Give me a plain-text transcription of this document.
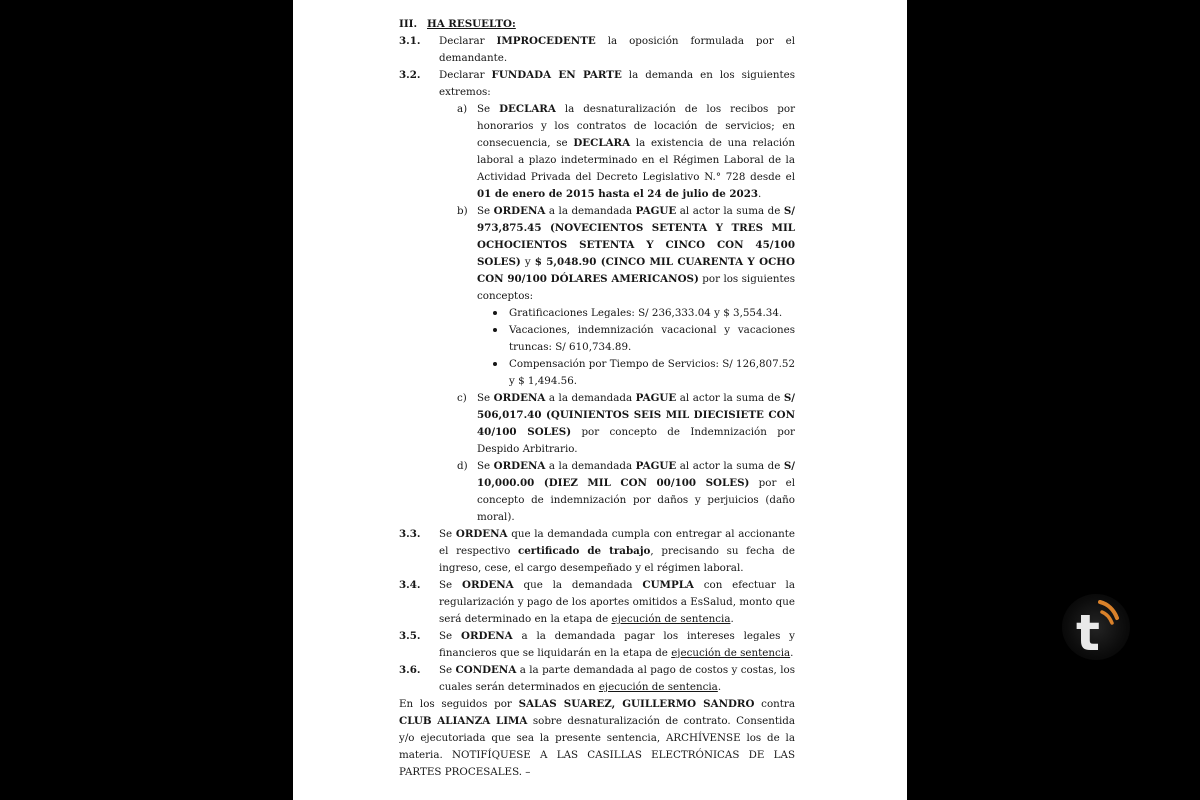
III. HA RESUELTO:
3.1. Declarar IMPROCEDENTE la oposición formulada por el demandante.
3.2. Declarar FUNDADA EN PARTE la demanda en los siguientes extremos:
a) Se DECLARA la desnaturalización de los recibos por honorarios y los contratos de locación de servicios; en consecuencia, se DECLARA la existencia de una relación laboral a plazo indeterminado en el Régimen Laboral de la Actividad Privada del Decreto Legislativo N.° 728 desde el 01 de enero de 2015 hasta el 24 de julio de 2023.
b) Se ORDENA a la demandada PAGUE al actor la suma de S/ 973,875.45 (NOVECIENTOS SETENTA Y TRES MIL OCHOCIENTOS SETENTA Y CINCO CON 45/100 SOLES) y $ 5,048.90 (CINCO MIL CUARENTA Y OCHO CON 90/100 DÓLARES AMERICANOS) por los siguientes conceptos:
Gratificaciones Legales: S/ 236,333.04 y $ 3,554.34.
Vacaciones, indemnización vacacional y vacaciones truncas: S/ 610,734.89.
Compensación por Tiempo de Servicios: S/ 126,807.52 y $ 1,494.56.
c) Se ORDENA a la demandada PAGUE al actor la suma de S/ 506,017.40 (QUINIENTOS SEIS MIL DIECISIETE CON 40/100 SOLES) por concepto de Indemnización por Despido Arbitrario.
d) Se ORDENA a la demandada PAGUE al actor la suma de S/ 10,000.00 (DIEZ MIL CON 00/100 SOLES) por el concepto de indemnización por daños y perjuicios (daño moral).
3.3. Se ORDENA que la demandada cumpla con entregar al accionante el respectivo certificado de trabajo, precisando su fecha de ingreso, cese, el cargo desempeñado y el régimen laboral.
3.4. Se ORDENA que la demandada CUMPLA con efectuar la regularización y pago de los aportes omitidos a EsSalud, monto que será determinado en la etapa de ejecución de sentencia.
3.5. Se ORDENA a la demandada pagar los intereses legales y financieros que se liquidarán en la etapa de ejecución de sentencia.
3.6. Se CONDENA a la parte demandada al pago de costos y costas, los cuales serán determinados en ejecución de sentencia.
En los seguidos por SALAS SUAREZ, GUILLERMO SANDRO contra CLUB ALIANZA LIMA sobre desnaturalización de contrato. Consentida y/o ejecutoriada que sea la presente sentencia, ARCHÍVENSE los de la materia. NOTIFÍQUESE A LAS CASILLAS ELECTRÓNICAS DE LAS PARTES PROCESALES. –
t
